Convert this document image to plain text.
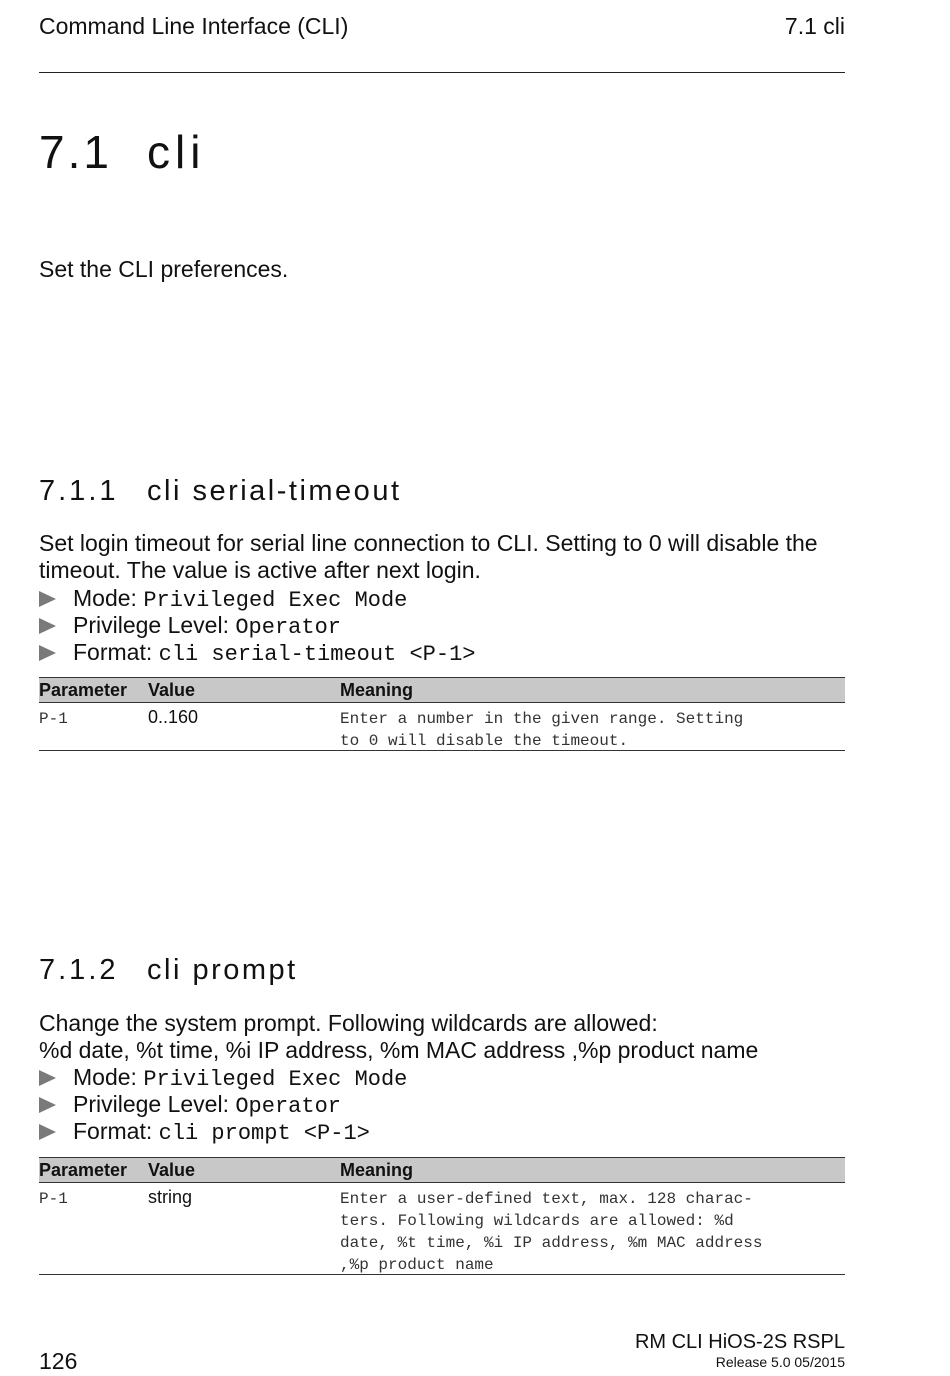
Command Line Interface (CLI)	7.1 cli
7.1 cli
Set the CLI preferences.
7.1.1 cli serial-timeout
Set login timeout for serial line connection to CLI. Setting to 0 will disable the timeout. The value is active after next login.
Mode: Privileged Exec Mode
Privilege Level: Operator
Format: cli serial-timeout <P-1>
Parameter Value	Meaning
P-1	0..160	Enter a number in the given range. Setting
to 0 will disable the timeout.
7.1.2 cli prompt
Change the system prompt. Following wildcards are allowed:
%d date, %t time, %i IP address, %m MAC address ,%p product name
Mode: Privileged Exec Mode
Privilege Level: Operator
Format: cli prompt <P-1>
Parameter Value	Meaning
P-1	string	Enter a user-defined text, max. 128 charac-
ters. Following wildcards are allowed: %d
date, %t time, %i IP address, %m MAC address
,%p product name
126
RM CLI HiOS-2S RSPL
Release 5.0 05/2015
